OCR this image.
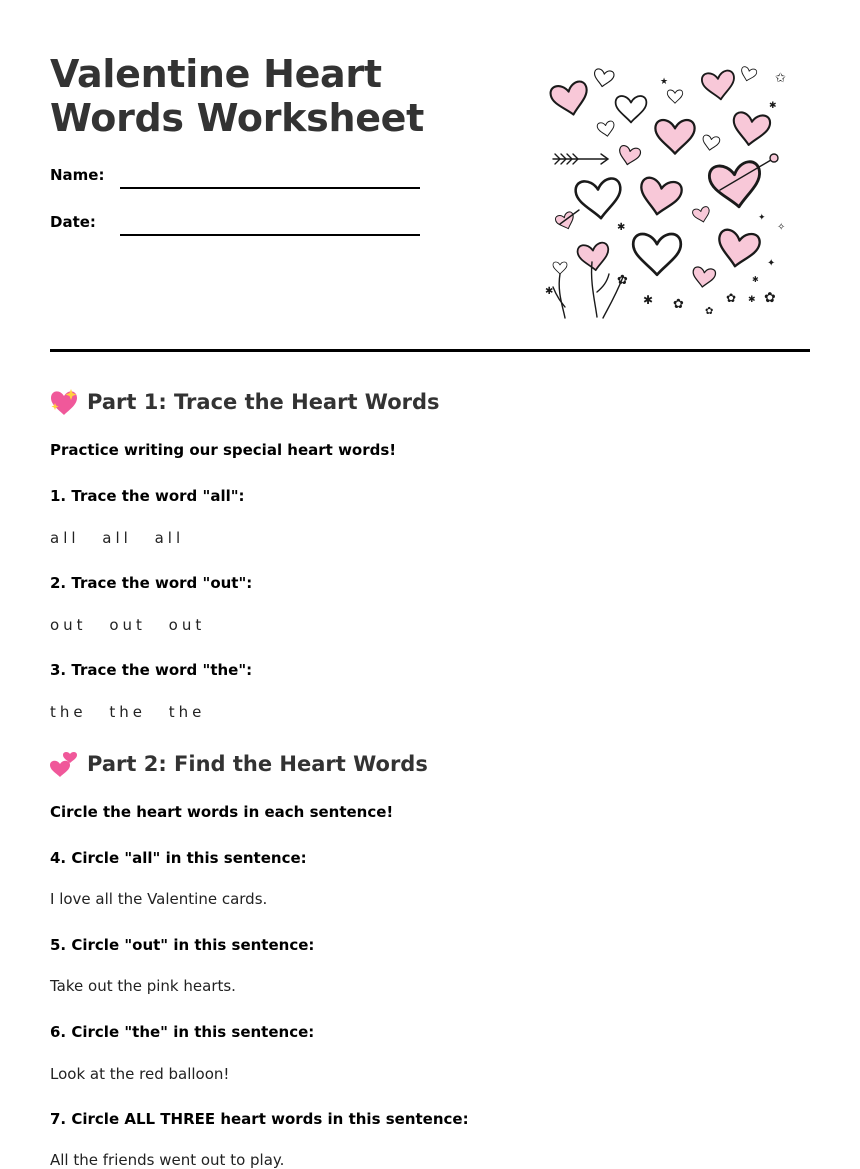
Valentine Heart Words Worksheet
Name:
Date:
★	✩
✱
✱
✦
✧
✦
✱
✱ ✿ ✿
✿ ✱ ✿
✿
✱
Part 1: Trace the Heart Words
Practice writing our special heart words!
1. Trace the word "all":
all all all
2. Trace the word "out":
out out out
3. Trace the word "the":
the the the
Part 2: Find the Heart Words
Circle the heart words in each sentence!
4. Circle "all" in this sentence:
I love all the Valentine cards.
5. Circle "out" in this sentence:
Take out the pink hearts.
6. Circle "the" in this sentence:
Look at the red balloon!
7. Circle ALL THREE heart words in this sentence:
All the friends went out to play.
